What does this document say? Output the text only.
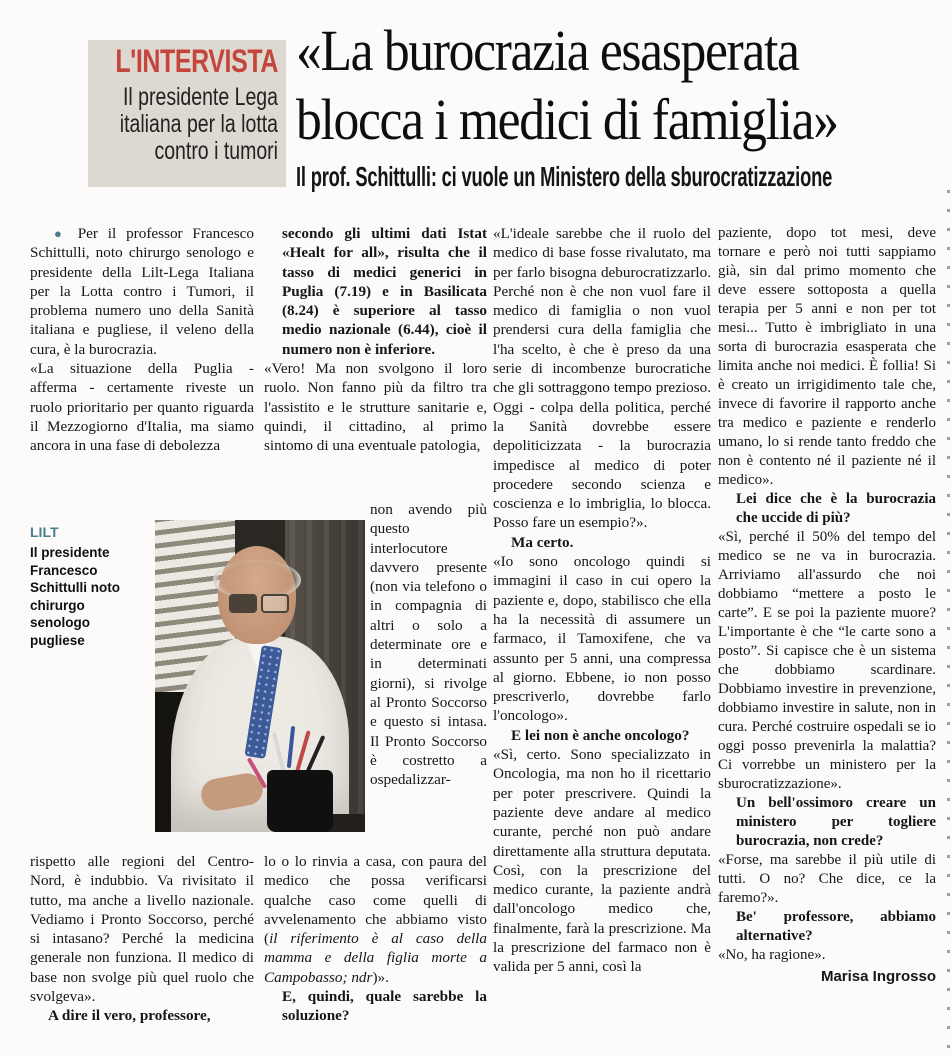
L'INTERVISTA
Il presidente Lega italiana per la lotta contro i tumori
«La burocrazia esasperata
blocca i medici di famiglia»
Il prof. Schittulli: ci vuole un Ministero della sburocratizzazione

● Per il professor Francesco Schittulli, noto chirurgo senologo e presidente della Lilt-Lega Italiana per la Lotta contro i Tumori, il problema numero uno della Sanità italiana e pugliese, il veleno della cura, è la burocrazia.

«La situazione della Puglia - afferma - certamente riveste un ruolo prioritario per quanto riguarda il Mezzogiorno d'Italia, ma siamo ancora in una fase di debolezza

LILT

Il presidente Francesco Schittulli noto chirurgo senologo pugliese

rispetto alle regioni del Centro-Nord, è indubbio. Va rivisitato il tutto, ma anche a livello nazionale. Vediamo i Pronto Soccorso, perché si intasano? Perché la medicina generale non funziona. Il medico di base non svolge più quel ruolo che svolgeva».

A dire il vero, professore,

secondo gli ultimi dati Istat «Healt for all», risulta che il tasso di medici generici in Puglia (7.19) e in Basilicata (8.24) è superiore al tasso medio nazionale (6.44), cioè il numero non è inferiore.

«Vero! Ma non svolgono il loro ruolo. Non fanno più da filtro tra l'assistito e le strutture sanitarie e, quindi, il cittadino, al primo sintomo di una eventuale patologia,

non avendo più questo interlocutore davvero presente (non via telefono o in compagnia di altri o solo a determinate ore e in determinati giorni), si rivolge al Pronto Soccorso e questo si intasa. Il Pronto Soccorso è costretto a ospedalizzar-

lo o lo rinvia a casa, con paura del medico che possa verificarsi qualche caso come quelli di avvelenamento che abbiamo visto (il riferimento è al caso della mamma e della figlia morte a Campobasso; ndr)».

E, quindi, quale sarebbe la soluzione?

«L'ideale sarebbe che il ruolo del medico di base fosse rivalutato, ma per farlo bisogna deburocratizzarlo. Perché non è che non vuol fare il medico di famiglia o non vuol prendersi cura della famiglia che l'ha scelto, è che è preso da una serie di incombenze burocratiche che gli sottraggono tempo prezioso. Oggi - colpa della politica, perché la Sanità dovrebbe essere depoliticizzata - la burocrazia impedisce al medico di poter procedere secondo scienza e coscienza e lo imbriglia, lo blocca. Posso fare un esempio?».

Ma certo.

«Io sono oncologo quindi si immagini il caso in cui opero la paziente e, dopo, stabilisco che ella ha la necessità di assumere un farmaco, il Tamoxifene, che va assunto per 5 anni, una compressa al giorno. Ebbene, io non posso prescriverlo, dovrebbe farlo l'oncologo».

E lei non è anche oncologo?

«Sì, certo. Sono specializzato in Oncologia, ma non ho il ricettario per poter prescrivere. Quindi la paziente deve andare al medico curante, perché non può andare direttamente alla struttura deputata. Così, con la prescrizione del medico curante, la paziente andrà dall'oncologo medico che, finalmente, farà la prescrizione. Ma la prescrizione del farmaco non è valida per 5 anni, così la

paziente, dopo tot mesi, deve tornare e però noi tutti sappiamo già, sin dal primo momento che deve essere sottoposta a quella terapia per 5 anni e non per tot mesi... Tutto è imbrigliato in una sorta di burocrazia esasperata che limita anche noi medici. È follia! Si è creato un irrigidimento tale che, invece di favorire il rapporto anche tra medico e paziente e renderlo umano, lo si rende tanto freddo che non è contento né il paziente né il medico».

Lei dice che è la burocrazia che uccide di più?

«Sì, perché il 50% del tempo del medico se ne va in burocrazia. Arriviamo all'assurdo che noi dobbiamo “mettere a posto le carte”. E se poi la paziente muore? L'importante è che “le carte sono a posto”. Si capisce che è un sistema che dobbiamo scardinare. Dobbiamo investire in prevenzione, dobbiamo investire in salute, non in cura. Perché costruire ospedali se io oggi posso prevenirla la malattia? Ci vorrebbe un ministero per la sburocratizzazione».

Un bell'ossimoro creare un ministero per togliere burocrazia, non crede?

«Forse, ma sarebbe il più utile di tutti. O no? Che dice, ce la faremo?».

Be' professore, abbiamo alternative?

«No, ha ragione».

Marisa Ingrosso
